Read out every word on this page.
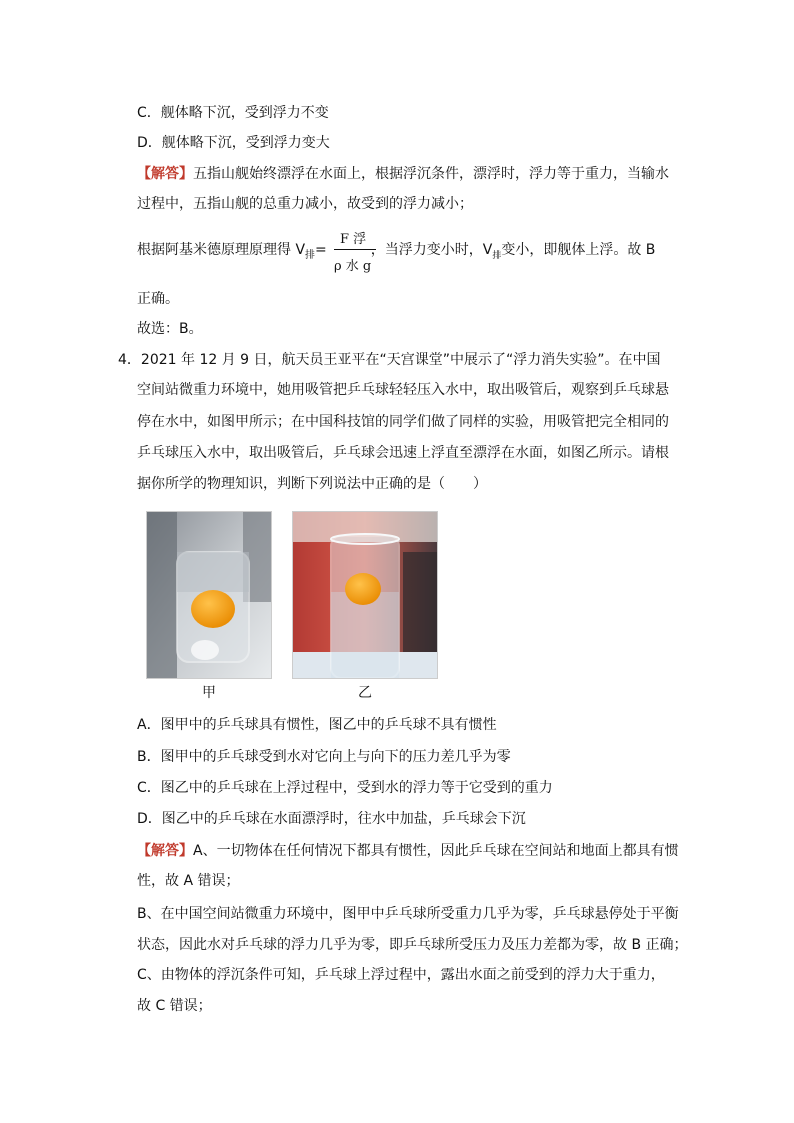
C．舰体略下沉，受到浮力不变
D．舰体略下沉，受到浮力变大
【解答】五指山舰始终漂浮在水面上，根据浮沉条件，漂浮时，浮力等于重力，当输水
过程中，五指山舰的总重力减小，故受到的浮力减小；
根据阿基米德原理原理得 $V_排=$	，当浮力变小时，$V_排$变小，即舰体上浮。故 B
F 浮
ρ 水 g
正确。
故选：B。
4．2021 年 12 月 9 日，航天员王亚平在“天宫课堂”中展示了“浮力消失实验”。在中国
空间站微重力环境中，她用吸管把乒乓球轻轻压入水中，取出吸管后，观察到乒乓球悬
停在水中，如图甲所示；在中国科技馆的同学们做了同样的实验，用吸管把完全相同的
乒乓球压入水中，取出吸管后，乒乓球会迅速上浮直至漂浮在水面，如图乙所示。请根
据你所学的物理知识，判断下列说法中正确的是（　　）
甲	乙
A．图甲中的乒乓球具有惯性，图乙中的乒乓球不具有惯性
B．图甲中的乒乓球受到水对它向上与向下的压力差几乎为零
C．图乙中的乒乓球在上浮过程中，受到水的浮力等于它受到的重力
D．图乙中的乒乓球在水面漂浮时，往水中加盐，乒乓球会下沉
【解答】A、一切物体在任何情况下都具有惯性，因此乒乓球在空间站和地面上都具有惯
性，故 A 错误；
B、在中国空间站微重力环境中，图甲中乒乓球所受重力几乎为零，乒乓球悬停处于平衡
状态，因此水对乒乓球的浮力几乎为零，即乒乓球所受压力及压力差都为零，故 B 正确；
C、由物体的浮沉条件可知，乒乓球上浮过程中，露出水面之前受到的浮力大于重力，
故 C 错误；
